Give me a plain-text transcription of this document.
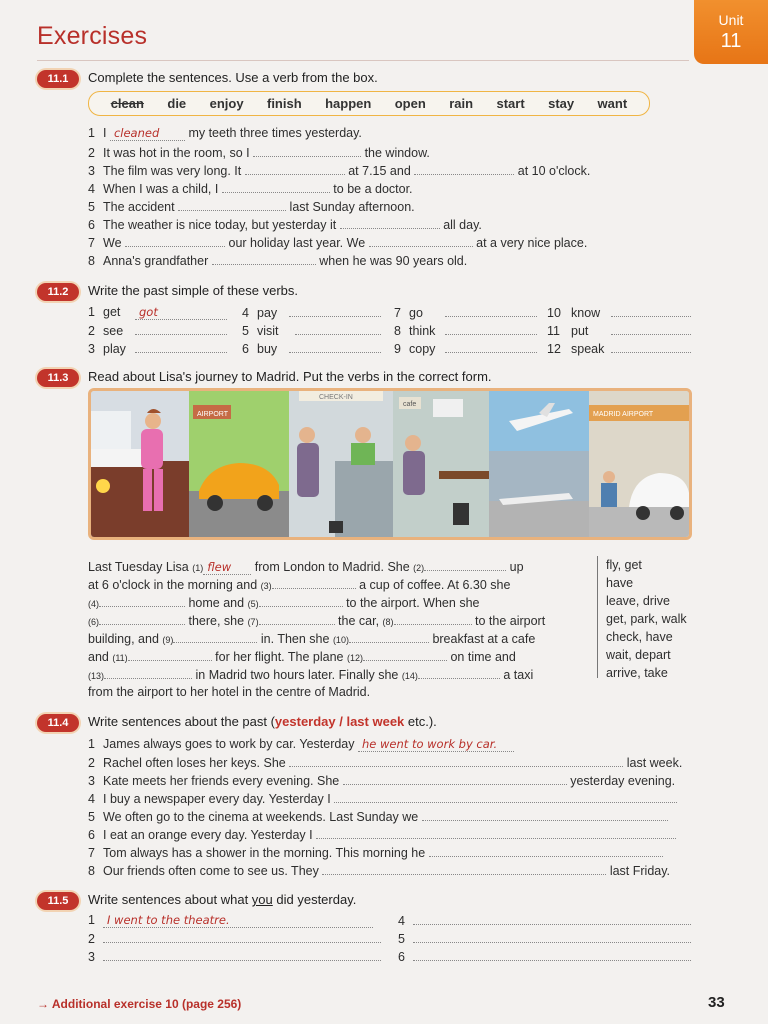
Exercises
Unit
11
11.1	Complete the sentences. Use a verb from the box.
clean die enjoy finish happen open rain start stay want
1 I cleaned my teeth three times yesterday.
2 It was hot in the room, so I	the window.
3 The film was very long. It	at 7.15 and	at 10 o'clock.
4 When I was a child, I	to be a doctor.
5 The accident	last Sunday afternoon.
6 The weather is nice today, but yesterday it	all day.
7 We	our holiday last year. We	at a very nice place.
8 Anna's grandfather	when he was 90 years old.
11.2	Write the past simple of these verbs.
1 get got	4 pay	7 go	10 know
2 see	5 visit	8 think	11 put
3 play	6 buy	9 copy	12 speak
11.3	Read about Lisa's journey to Madrid. Put the verbs in the correct form.
AIRPORT
CHECK-IN
cafe
MADRID AIRPORT
Last Tuesday Lisa (1) flew from London to Madrid. She (2)	up
at 6 o'clock in the morning and (3)	a cup of coffee. At 6.30 she
(4)	home and (5)	to the airport. When she
(6)	there, she (7)	the car, (8)	to the airport
building, and (9)	in. Then she (10)	breakfast at a cafe
and (11)	for her flight. The plane (12)	on time and
(13)	in Madrid two hours later. Finally she (14)	a taxi
from the airport to her hotel in the centre of Madrid.
fly, get
have
leave, drive
get, park, walk
check, have
wait, depart
arrive, take
11.4	Write sentences about the past (yesterday / last week etc.).
1 James always goes to work by car. Yesterday he went to work by car.
2 Rachel often loses her keys. She	last week.
3 Kate meets her friends every evening. She	yesterday evening.
4 I buy a newspaper every day. Yesterday I
5 We often go to the cinema at weekends. Last Sunday we
6 I eat an orange every day. Yesterday I
7 Tom always has a shower in the morning. This morning he
8 Our friends often come to see us. They	last Friday.
11.5	Write sentences about what you did yesterday.
1 I went to the theatre.
2
3
4
5
6
→ Additional exercise 10 (page 256)	33
